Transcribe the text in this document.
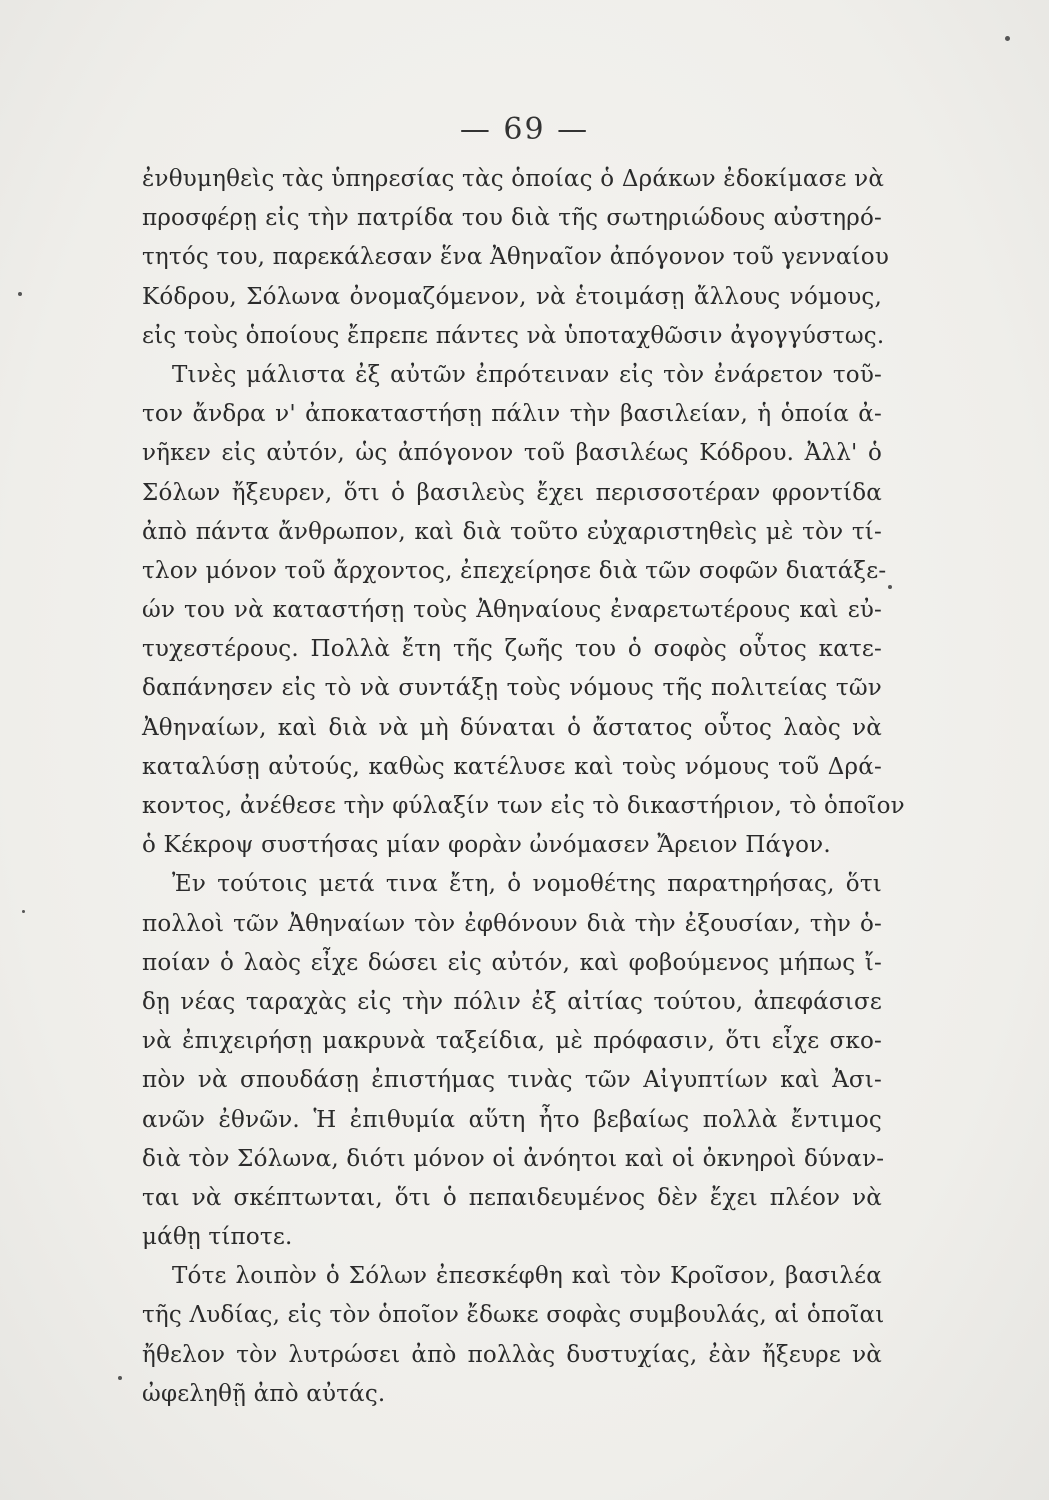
— 69 —
ἐνθυμηθεὶς τὰς ὑπηρεσίας τὰς ὁποίας ὁ Δράκων ἐδοκίμασε νὰ
προσφέρῃ εἰς τὴν πατρίδα του διὰ τῆς σωτηριώδους αὐστηρό-
τητός του, παρεκάλεσαν ἕνα Ἀθηναῖον ἀπόγονον τοῦ γενναίου
Κόδρου, Σόλωνα ὀνομαζόμενον, νὰ ἑτοιμάσῃ ἄλλους νόμους,
εἰς τοὺς ὁποίους ἔπρεπε πάντες νὰ ὑποταχθῶσιν ἀγογγύστως.
Τινὲς μάλιστα ἐξ αὐτῶν ἐπρότειναν εἰς τὸν ἐνάρετον τοῦ-
τον ἄνδρα ν' ἀποκαταστήσῃ πάλιν τὴν βασιλείαν, ἡ ὁποία ἀ-
νῆκεν εἰς αὐτόν, ὡς ἀπόγονον τοῦ βασιλέως Κόδρου. Ἀλλ' ὁ
Σόλων ἤξευρεν, ὅτι ὁ βασιλεὺς ἔχει περισσοτέραν φροντίδα
ἀπὸ πάντα ἄνθρωπον, καὶ διὰ τοῦτο εὐχαριστηθεὶς μὲ τὸν τί-
τλον μόνον τοῦ ἄρχοντος, ἐπεχείρησε διὰ τῶν σοφῶν διατάξε-
ών του νὰ καταστήσῃ τοὺς Ἀθηναίους ἐναρετωτέρους καὶ εὐ-
τυχεστέρους. Πολλὰ ἔτη τῆς ζωῆς του ὁ σοφὸς οὗτος κατε-
δαπάνησεν εἰς τὸ νὰ συντάξῃ τοὺς νόμους τῆς πολιτείας τῶν
Ἀθηναίων, καὶ διὰ νὰ μὴ δύναται ὁ ἄστατος οὗτος λαὸς νὰ
καταλύσῃ αὐτούς, καθὼς κατέλυσε καὶ τοὺς νόμους τοῦ Δρά-
κοντος, ἀνέθεσε τὴν φύλαξίν των εἰς τὸ δικαστήριον, τὸ ὁποῖον
ὁ Κέκροψ συστήσας μίαν φορὰν ὠνόμασεν Ἄρειον Πάγον.
Ἐν τούτοις μετά τινα ἔτη, ὁ νομοθέτης παρατηρήσας, ὅτι
πολλοὶ τῶν Ἀθηναίων τὸν ἐφθόνουν διὰ τὴν ἐξουσίαν, τὴν ὁ-
ποίαν ὁ λαὸς εἶχε δώσει εἰς αὐτόν, καὶ φοβούμενος μήπως ἴ-
δῃ νέας ταραχὰς εἰς τὴν πόλιν ἐξ αἰτίας τούτου, ἀπεφάσισε
νὰ ἐπιχειρήσῃ μακρυνὰ ταξείδια, μὲ πρόφασιν, ὅτι εἶχε σκο-
πὸν νὰ σπουδάσῃ ἐπιστήμας τινὰς τῶν Αἰγυπτίων καὶ Ἀσι-
ανῶν ἐθνῶν. Ἡ ἐπιθυμία αὕτη ἦτο βεβαίως πολλὰ ἔντιμος
διὰ τὸν Σόλωνα, διότι μόνον οἱ ἀνόητοι καὶ οἱ ὀκνηροὶ δύναν-
ται νὰ σκέπτωνται, ὅτι ὁ πεπαιδευμένος δὲν ἔχει πλέον νὰ
μάθῃ τίποτε.
Τότε λοιπὸν ὁ Σόλων ἐπεσκέφθη καὶ τὸν Κροῖσον, βασιλέα
τῆς Λυδίας, εἰς τὸν ὁποῖον ἔδωκε σοφὰς συμβουλάς, αἱ ὁποῖαι
ἤθελον τὸν λυτρώσει ἀπὸ πολλὰς δυστυχίας, ἐὰν ἤξευρε νὰ
ὠφεληθῇ ἀπὸ αὐτάς.
